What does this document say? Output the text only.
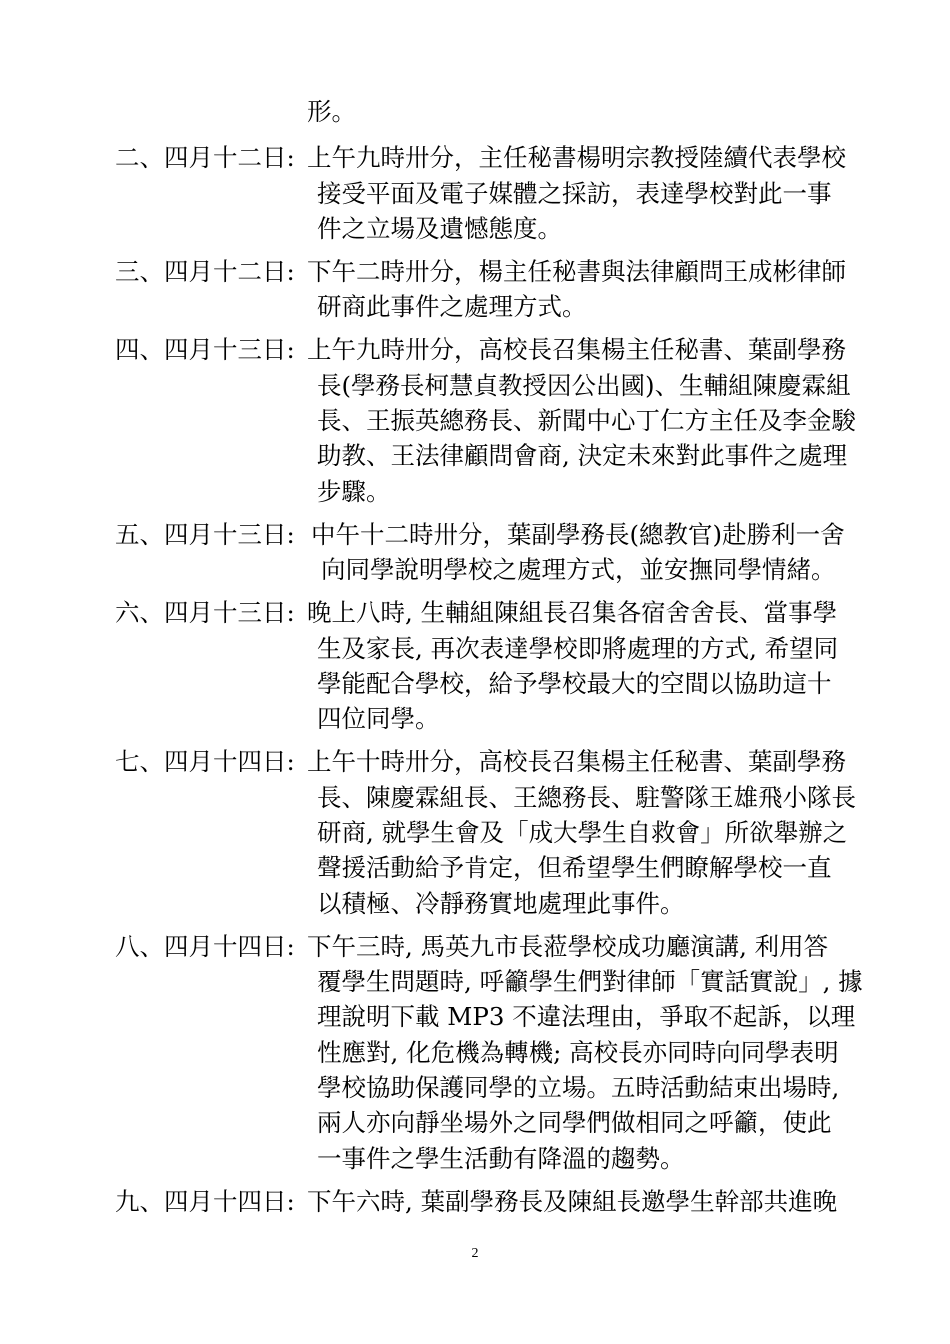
形。
二、四月十二日: 上午九時卅分，主任秘書楊明宗教授陸續代表學校
接受平面及電子媒體之採訪，表達學校對此一事
件之立場及遺憾態度。
三、四月十二日: 下午二時卅分，楊主任秘書與法律顧問王成彬律師
研商此事件之處理方式。
四、四月十三日: 上午九時卅分，高校長召集楊主任秘書、葉副學務
長(學務長柯慧貞教授因公出國)、生輔組陳慶霖組
長、王振英總務長、新聞中心丁仁方主任及李金駿
助教、王法律顧問會商, 決定未來對此事件之處理
步驟。
五、四月十三日: 中午十二時卅分，葉副學務長(總教官)赴勝利一舍
向同學說明學校之處理方式，並安撫同學情緒。
六、四月十三日: 晚上八時, 生輔組陳組長召集各宿舍舍長、當事學
生及家長, 再次表達學校即將處理的方式, 希望同
學能配合學校，給予學校最大的空間以協助這十
四位同學。
七、四月十四日: 上午十時卅分，高校長召集楊主任秘書、葉副學務
長、陳慶霖組長、王總務長、駐警隊王雄飛小隊長
研商, 就學生會及「成大學生自救會」所欲舉辦之
聲援活動給予肯定，但希望學生們瞭解學校一直
以積極、冷靜務實地處理此事件。
八、四月十四日: 下午三時, 馬英九市長蒞學校成功廳演講, 利用答
覆學生問題時, 呼籲學生們對律師「實話實說」, 據
理說明下載 MP3 不違法理由，爭取不起訴，以理
性應對, 化危機為轉機; 高校長亦同時向同學表明
學校協助保護同學的立場。五時活動結束出場時,
兩人亦向靜坐場外之同學們做相同之呼籲，使此
一事件之學生活動有降溫的趨勢。
九、四月十四日: 下午六時, 葉副學務長及陳組長邀學生幹部共進晚
2
